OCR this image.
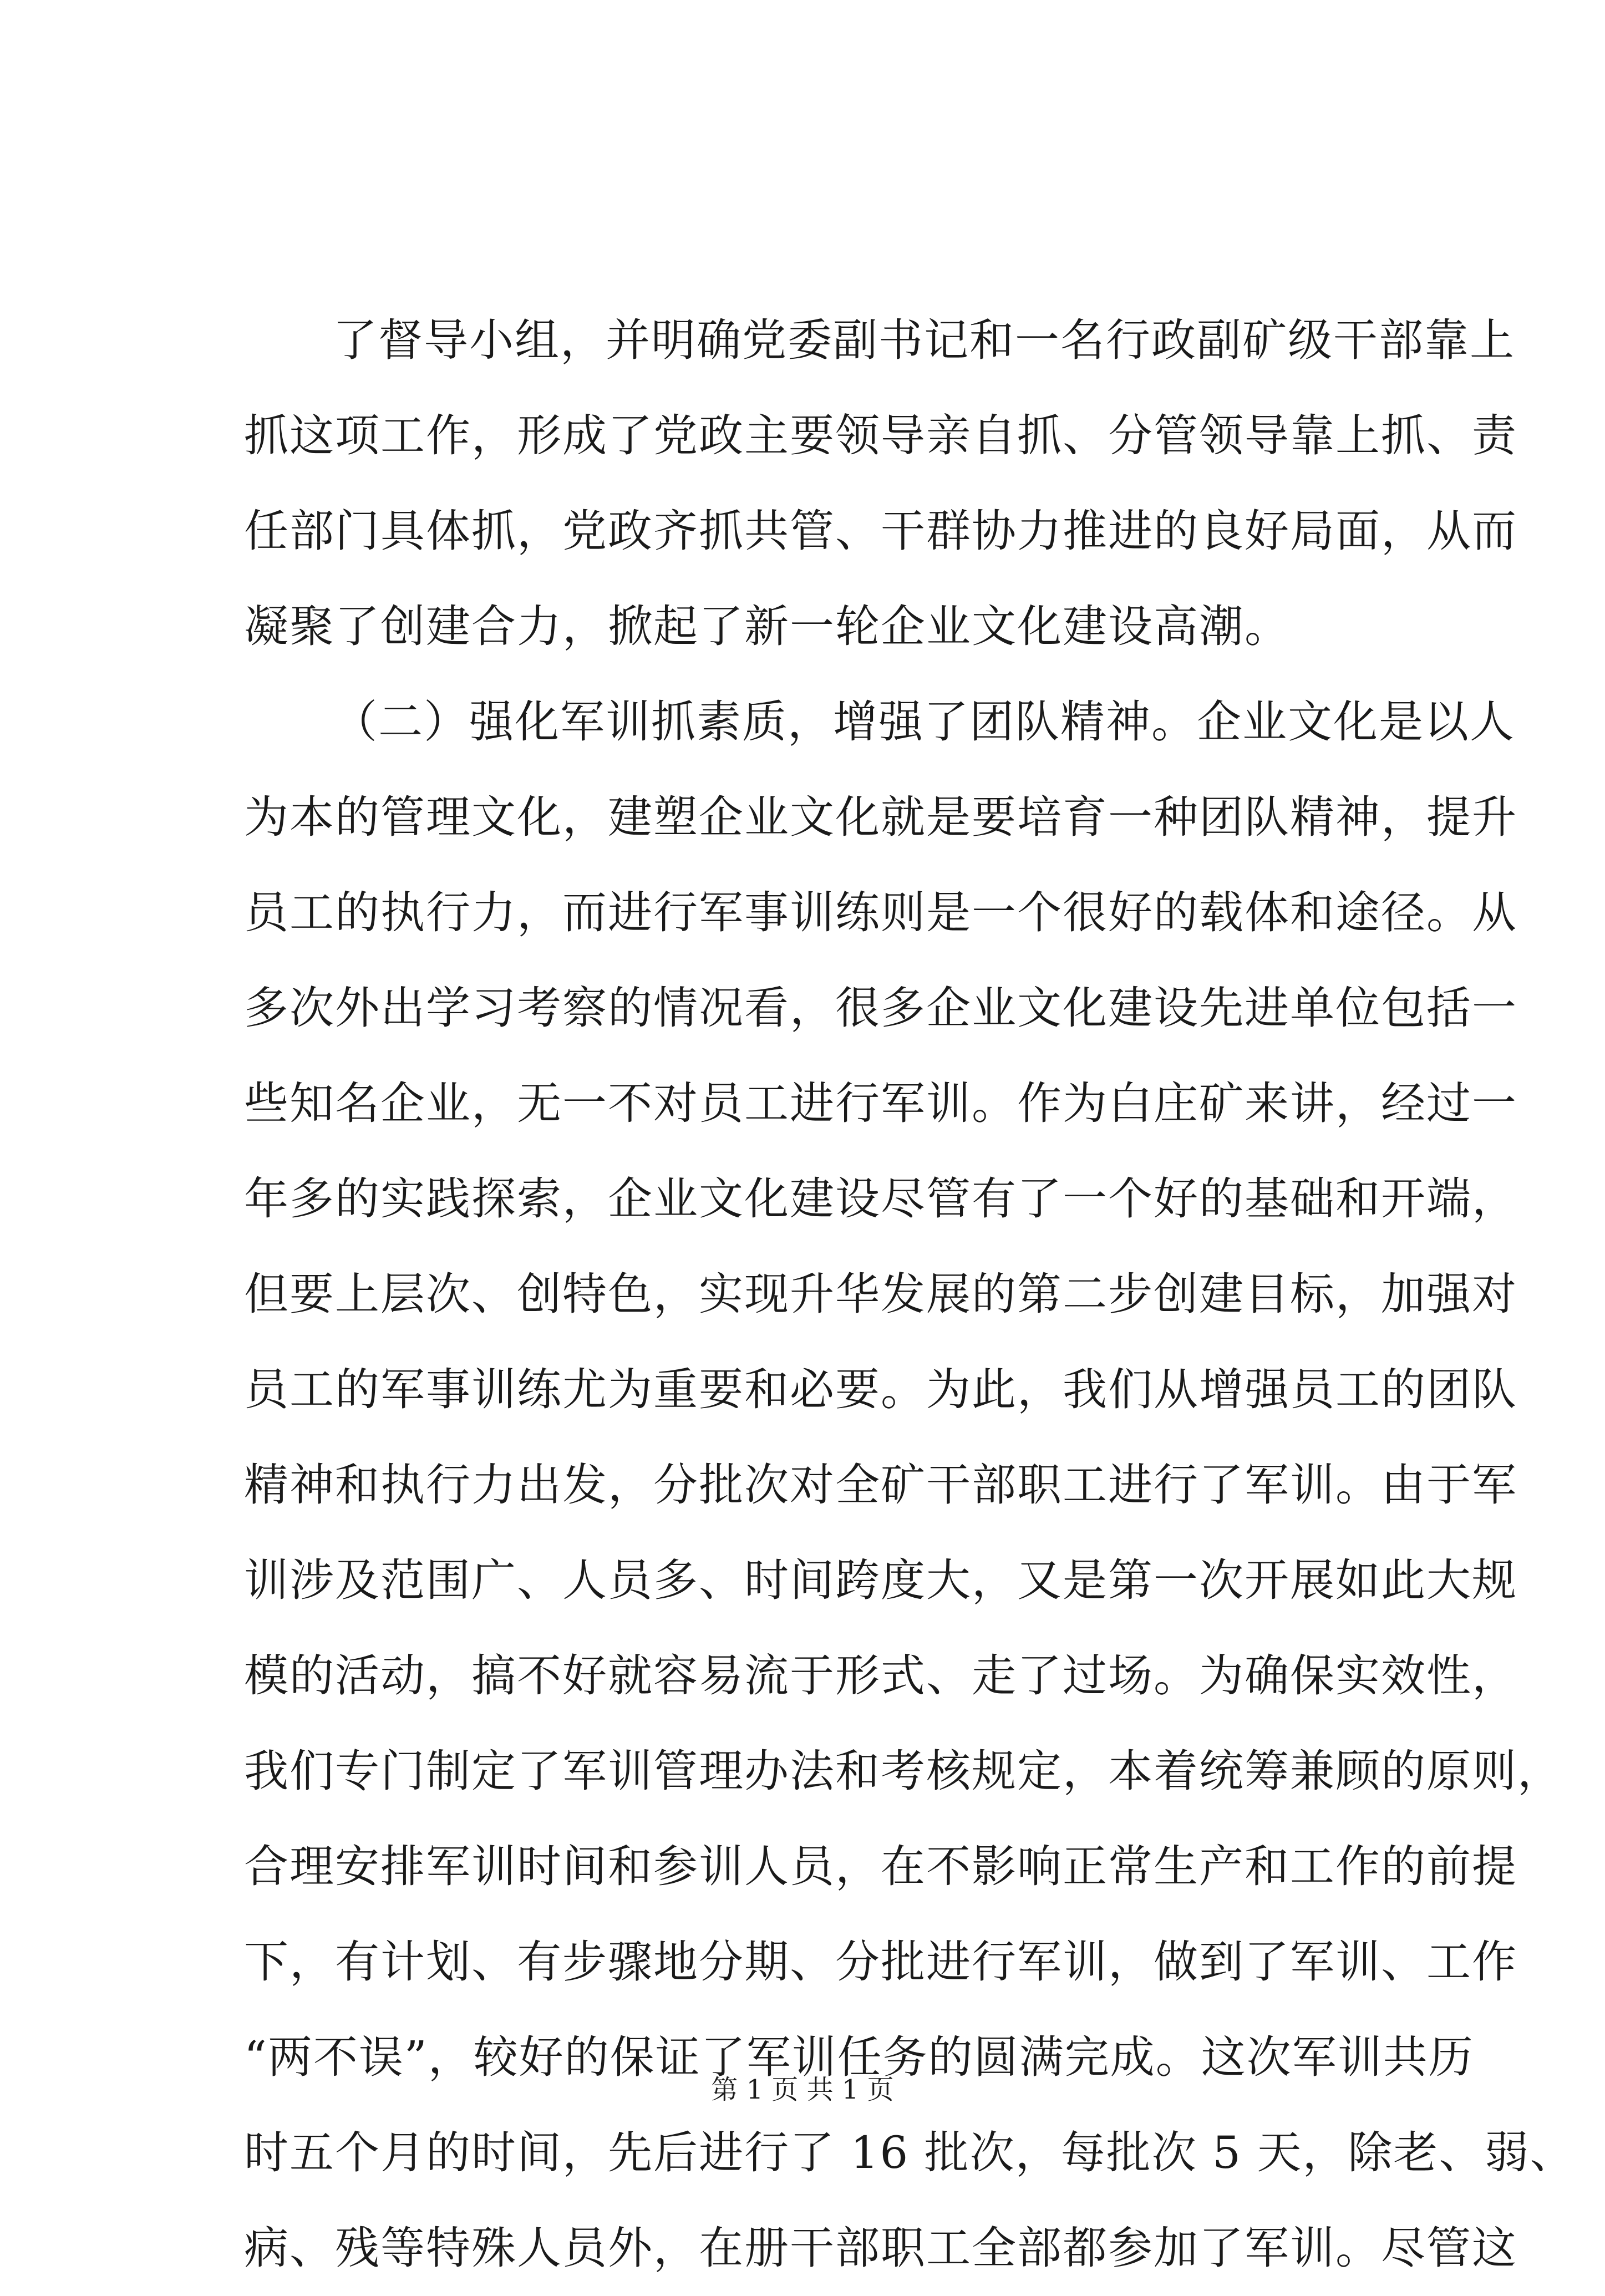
了督导小组，并明确党委副书记和一名行政副矿级干部靠上
抓这项工作，形成了党政主要领导亲自抓、分管领导靠上抓、责
任部门具体抓，党政齐抓共管、干群协力推进的良好局面，从而
凝聚了创建合力，掀起了新一轮企业文化建设高潮。
（二）强化军训抓素质，增强了团队精神。企业文化是以人
为本的管理文化，建塑企业文化就是要培育一种团队精神，提升
员工的执行力，而进行军事训练则是一个很好的载体和途径。从
多次外出学习考察的情况看，很多企业文化建设先进单位包括一
些知名企业，无一不对员工进行军训。作为白庄矿来讲，经过一
年多的实践探索，企业文化建设尽管有了一个好的基础和开端，
但要上层次、创特色，实现升华发展的第二步创建目标，加强对
员工的军事训练尤为重要和必要。为此，我们从增强员工的团队
精神和执行力出发，分批次对全矿干部职工进行了军训。由于军
训涉及范围广、人员多、时间跨度大，又是第一次开展如此大规
模的活动，搞不好就容易流于形式、走了过场。为确保实效性，
我们专门制定了军训管理办法和考核规定，本着统筹兼顾的原则，
合理安排军训时间和参训人员，在不影响正常生产和工作的前提
下，有计划、有步骤地分期、分批进行军训，做到了军训、工作
“两不误”，较好的保证了军训任务的圆满完成。这次军训共历
时五个月的时间，先后进行了 16 批次，每批次 5 天，除老、弱、
病、残等特殊人员外，在册干部职工全部都参加了军训。尽管这
第 1 页 共 1 页
